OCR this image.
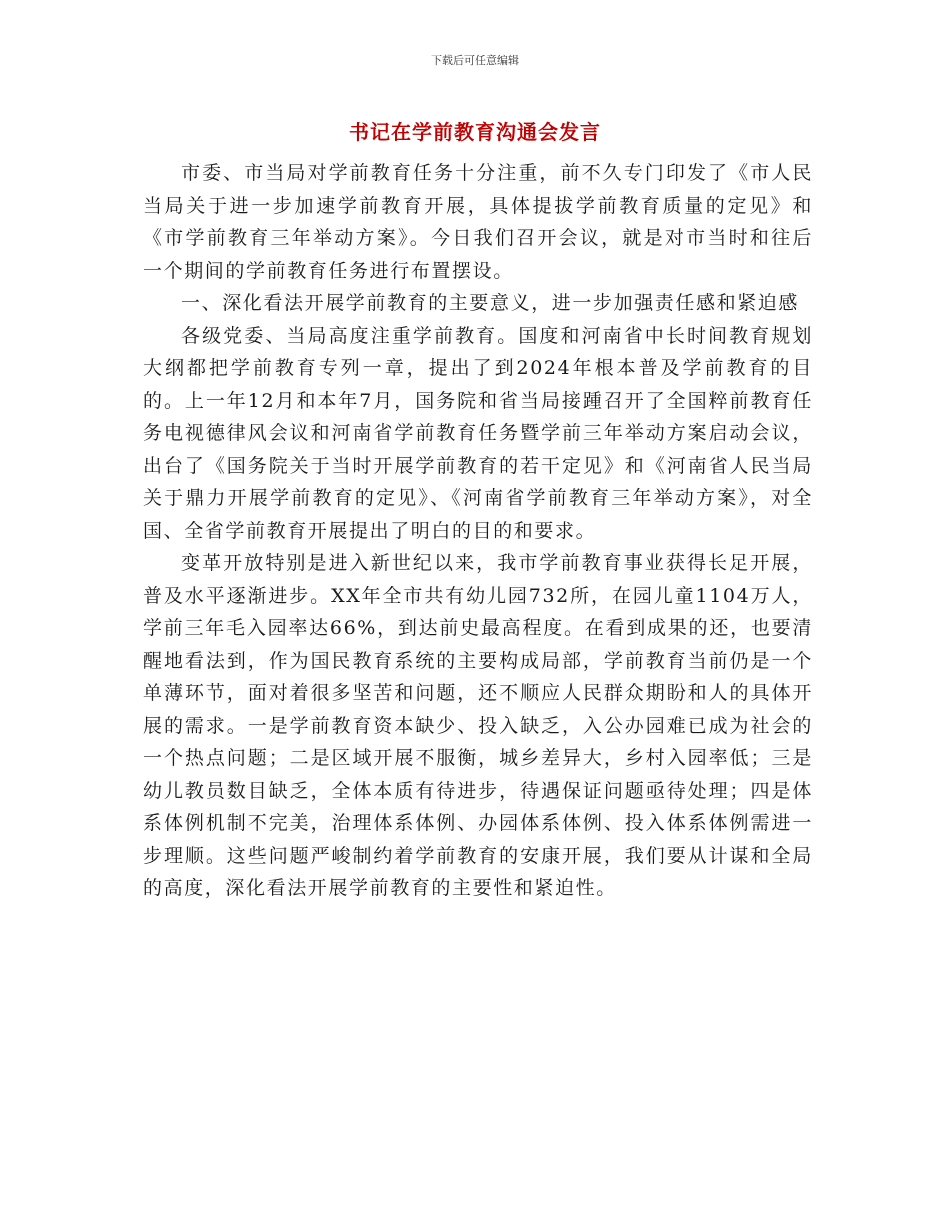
下载后可任意编辑
书记在学前教育沟通会发言

市委、市当局对学前教育任务十分注重，前不久专门印发了《市人民当局关于进一步加速学前教育开展，具体提拔学前教育质量的定见》和《市学前教育三年举动方案》。今日我们召开会议，就是对市当时和往后一个期间的学前教育任务进行布置摆设。

一、深化看法开展学前教育的主要意义，进一步加强责任感和紧迫感

各级党委、当局高度注重学前教育。国度和河南省中长时间教育规划大纲都把学前教育专列一章，提出了到2024年根本普及学前教育的目的。上一年12月和本年7月，国务院和省当局接踵召开了全国粹前教育任务电视德律风会议和河南省学前教育任务暨学前三年举动方案启动会议，出台了《国务院关于当时开展学前教育的若干定见》和《河南省人民当局关于鼎力开展学前教育的定见》、《河南省学前教育三年举动方案》，对全国、全省学前教育开展提出了明白的目的和要求。

变革开放特别是进入新世纪以来，我市学前教育事业获得长足开展，普及水平逐渐进步。XX年全市共有幼儿园732所，在园儿童1104万人，学前三年毛入园率达66%，到达前史最高程度。在看到成果的还，也要清醒地看法到，作为国民教育系统的主要构成局部，学前教育当前仍是一个单薄环节，面对着很多坚苦和问题，还不顺应人民群众期盼和人的具体开展的需求。一是学前教育资本缺少、投入缺乏，入公办园难已成为社会的一个热点问题；二是区域开展不服衡，城乡差异大，乡村入园率低；三是幼儿教员数目缺乏，全体本质有待进步，待遇保证问题亟待处理；四是体系体例机制不完美，治理体系体例、办园体系体例、投入体系体例需进一步理顺。这些问题严峻制约着学前教育的安康开展，我们要从计谋和全局的高度，深化看法开展学前教育的主要性和紧迫性。
